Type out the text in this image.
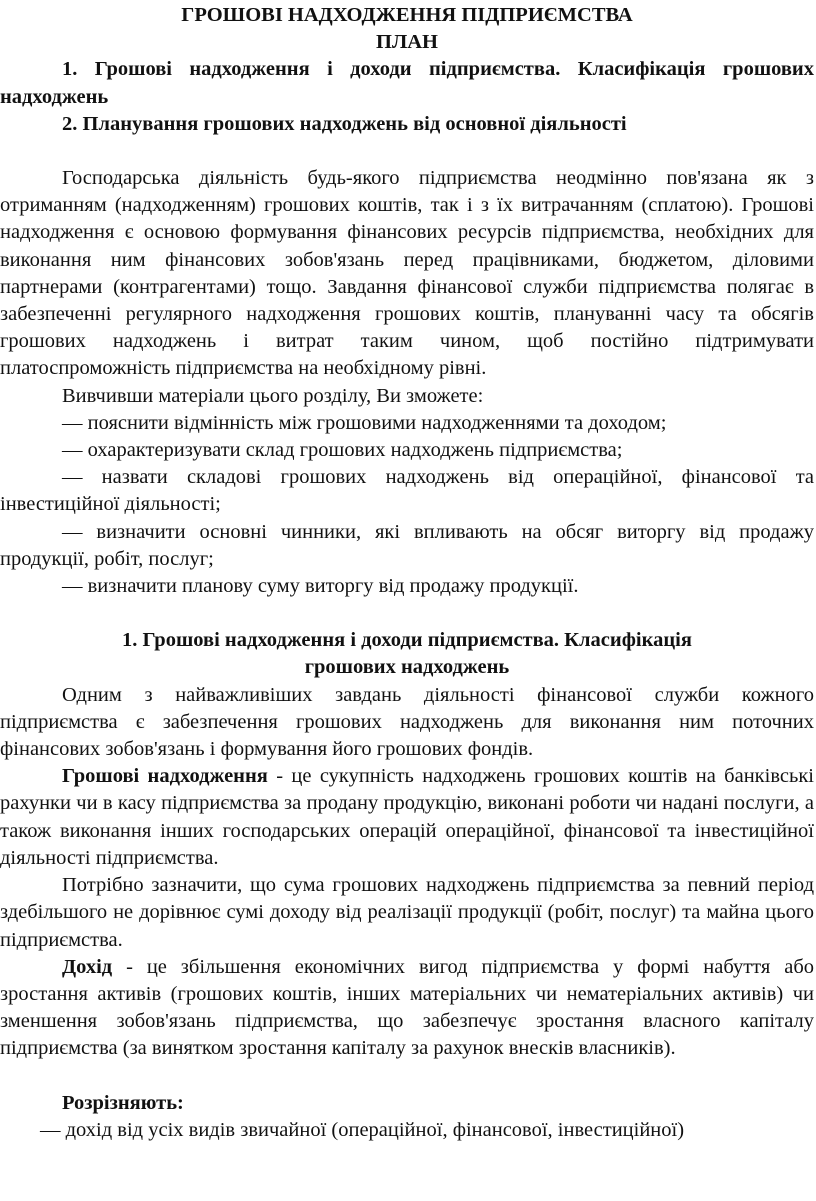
ГРОШОВІ НАДХОДЖЕННЯ ПІДПРИЄМСТВА

ПЛАН

1. Грошові надходження і доходи підприємства. Класифікація грошових надходжень

2. Планування грошових надходжень від основної діяльності

Господарська діяльність будь-якого підприємства неодмінно пов'язана як з отриманням (надходженням) грошових коштів, так і з їх витрачанням (сплатою). Грошові надходження є основою формування фінансових ресурсів підприємства, необхідних для виконання ним фінансових зобов'язань перед працівниками, бюджетом, діловими партнерами (контрагентами) тощо. Завдання фінансової служби підприємства полягає в забезпеченні регулярного надходження грошових коштів, плануванні часу та обсягів грошових надходжень і витрат таким чином, щоб постійно підтримувати платоспроможність підприємства на необхідному рівні.

Вивчивши матеріали цього розділу, Ви зможете:

— пояснити відмінність між грошовими надходженнями та доходом;

— охарактеризувати склад грошових надходжень підприємства;

— назвати складові грошових надходжень від операційної, фінансової та інвестиційної діяльності;

— визначити основні чинники, які впливають на обсяг виторгу від продажу продукції, робіт, послуг;

— визначити планову суму виторгу від продажу продукції.

1. Грошові надходження і доходи підприємства. Класифікація

грошових надходжень

Одним з найважливіших завдань діяльності фінансової служби кожного підприємства є забезпечення грошових надходжень для виконання ним поточних фінансових зобов'язань і формування його грошових фондів.

Грошові надходження - це сукупність надходжень грошових коштів на банківські рахунки чи в касу підприємства за продану продукцію, виконані роботи чи надані послуги, а також виконання інших господарських операцій операційної, фінансової та інвестиційної діяльності підприємства.

Потрібно зазначити, що сума грошових надходжень підприємства за певний період здебільшого не дорівнює сумі доходу від реалізації продукції (робіт, послуг) та майна цього підприємства.

Дохід - це збільшення економічних вигод підприємства у формі набуття або зростання активів (грошових коштів, інших матеріальних чи нематеріальних активів) чи зменшення зобов'язань підприємства, що забезпечує зростання власного капіталу підприємства (за винятком зростання капіталу за рахунок внесків власників).

Розрізняють:

— дохід від усіх видів звичайної (операційної, фінансової, інвестиційної)
